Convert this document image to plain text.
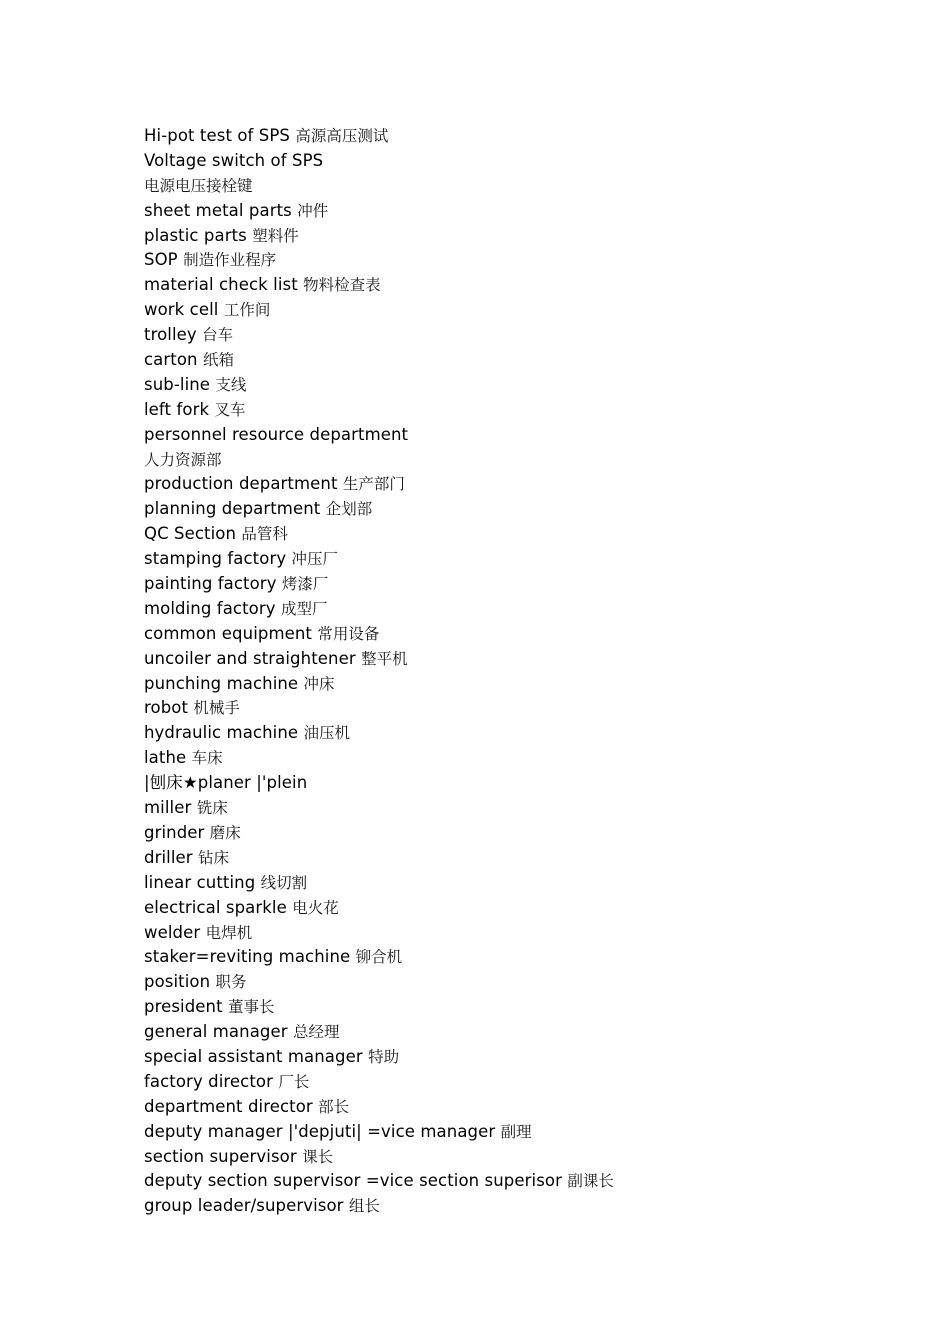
Hi-pot test of SPS 高源高压测试
Voltage switch of SPS
电源电压接栓键
sheet metal parts 冲件
plastic parts 塑料件
SOP 制造作业程序
material check list 物料检查表
work cell 工作间
trolley 台车
carton 纸箱
sub-line 支线
left fork 叉车
personnel resource department
人力资源部
production department 生产部门
planning department 企划部
QC Section 品管科
stamping factory 冲压厂
painting factory 烤漆厂
molding factory 成型厂
common equipment 常用设备
uncoiler and straightener 整平机
punching machine 冲床
robot 机械手
hydraulic machine 油压机
lathe 车床
|刨床★planer |'plein
miller 铣床
grinder 磨床
driller 钻床
linear cutting 线切割
electrical sparkle 电火花
welder 电焊机
staker=reviting machine 铆合机
position 职务
president 董事长
general manager 总经理
special assistant manager 特助
factory director 厂长
department director 部长
deputy manager |'depjuti| =vice manager 副理
section supervisor 课长
deputy section supervisor =vice section superisor 副课长
group leader/supervisor 组长
